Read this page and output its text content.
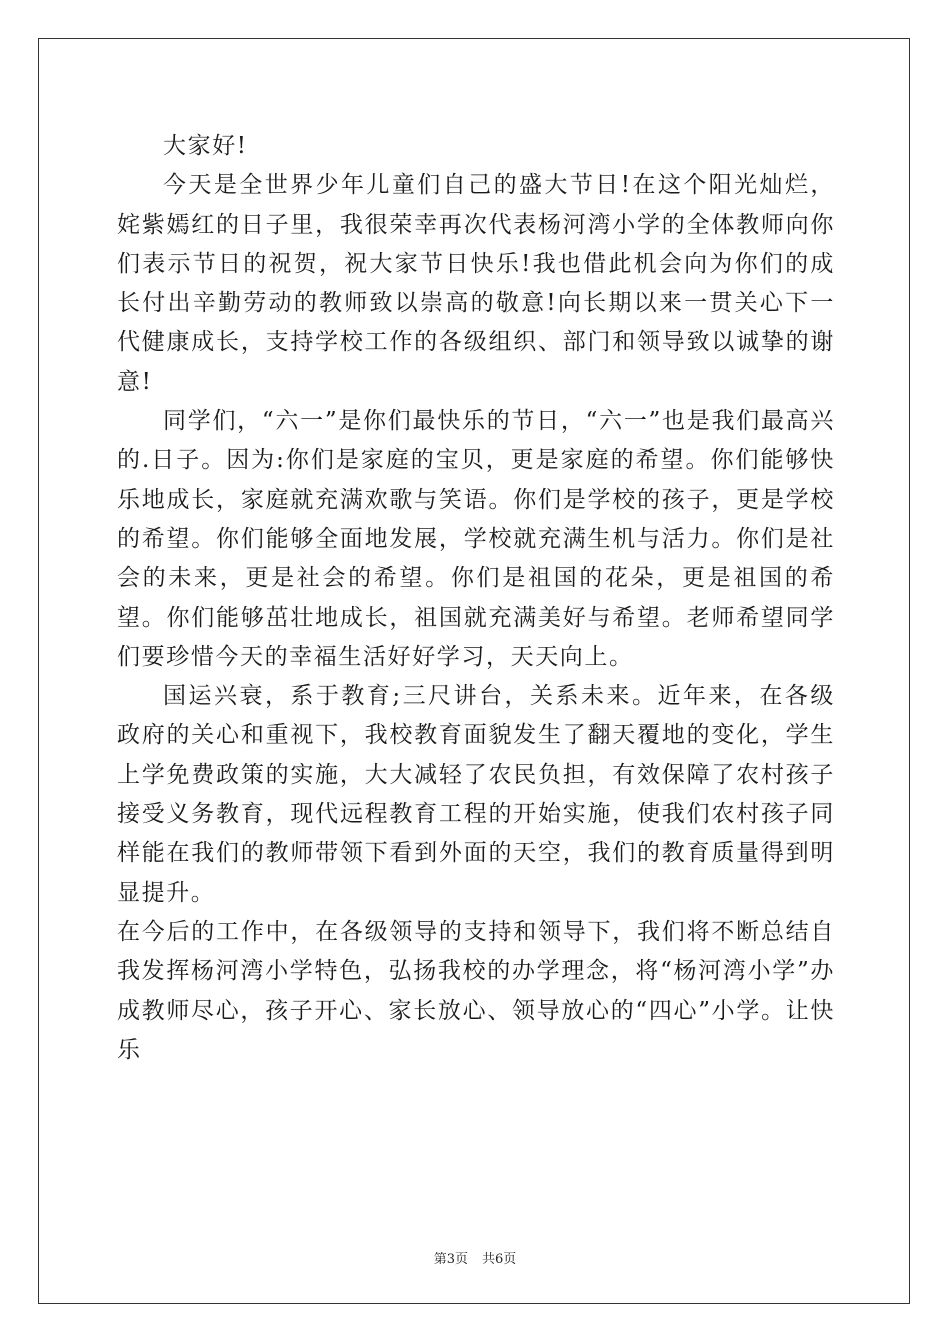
大家好!

今天是全世界少年儿童们自己的盛大节日!在这个阳光灿烂，姹紫嫣红的日子里，我很荣幸再次代表杨河湾小学的全体教师向你们表示节日的祝贺，祝大家节日快乐!我也借此机会向为你们的成长付出辛勤劳动的教师致以崇高的敬意!向长期以来一贯关心下一代健康成长，支持学校工作的各级组织、部门和领导致以诚挚的谢意!

同学们，“六一”是你们最快乐的节日，“六一”也是我们最高兴的.日子。因为:你们是家庭的宝贝，更是家庭的希望。你们能够快乐地成长，家庭就充满欢歌与笑语。你们是学校的孩子，更是学校的希望。你们能够全面地发展，学校就充满生机与活力。你们是社会的未来，更是社会的希望。你们是祖国的花朵，更是祖国的希望。你们能够茁壮地成长，祖国就充满美好与希望。老师希望同学们要珍惜今天的幸福生活好好学习，天天向上。

国运兴衰，系于教育;三尺讲台，关系未来。近年来，在各级政府的关心和重视下，我校教育面貌发生了翻天覆地的变化，学生上学免费政策的实施，大大减轻了农民负担，有效保障了农村孩子接受义务教育，现代远程教育工程的开始实施，使我们农村孩子同样能在我们的教师带领下看到外面的天空，我们的教育质量得到明显提升。

在今后的工作中，在各级领导的支持和领导下，我们将不断总结自我发挥杨河湾小学特色，弘扬我校的办学理念，将“杨河湾小学”办成教师尽心，孩子开心、家长放心、领导放心的“四心”小学。让快乐

第3页 共6页
